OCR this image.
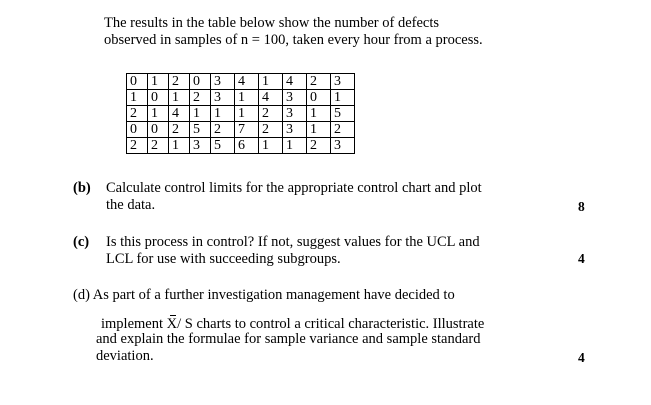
The results in the table below show the number of defects
observed in samples of n = 100, taken every hour from a process.
0	1	2	0	3	4	1	4	2	3
1	0	1	2	3	1	4	3	0	1
2	1	4	1	1	1	2	3	1	5
0	0	2	5	2	7	2	3	1	2
2	2	1	3	5	6	1	1	2	3
(b) Calculate control limits for the appropriate control chart and plot
the data.	8
(c) Is this process in control? If not, suggest values for the UCL and
LCL for use with succeeding subgroups.	4
(d) As part of a further investigation management have decided to
implement X/ S charts to control a critical characteristic. Illustrate
and explain the formulae for sample variance and sample standard
deviation.	4
